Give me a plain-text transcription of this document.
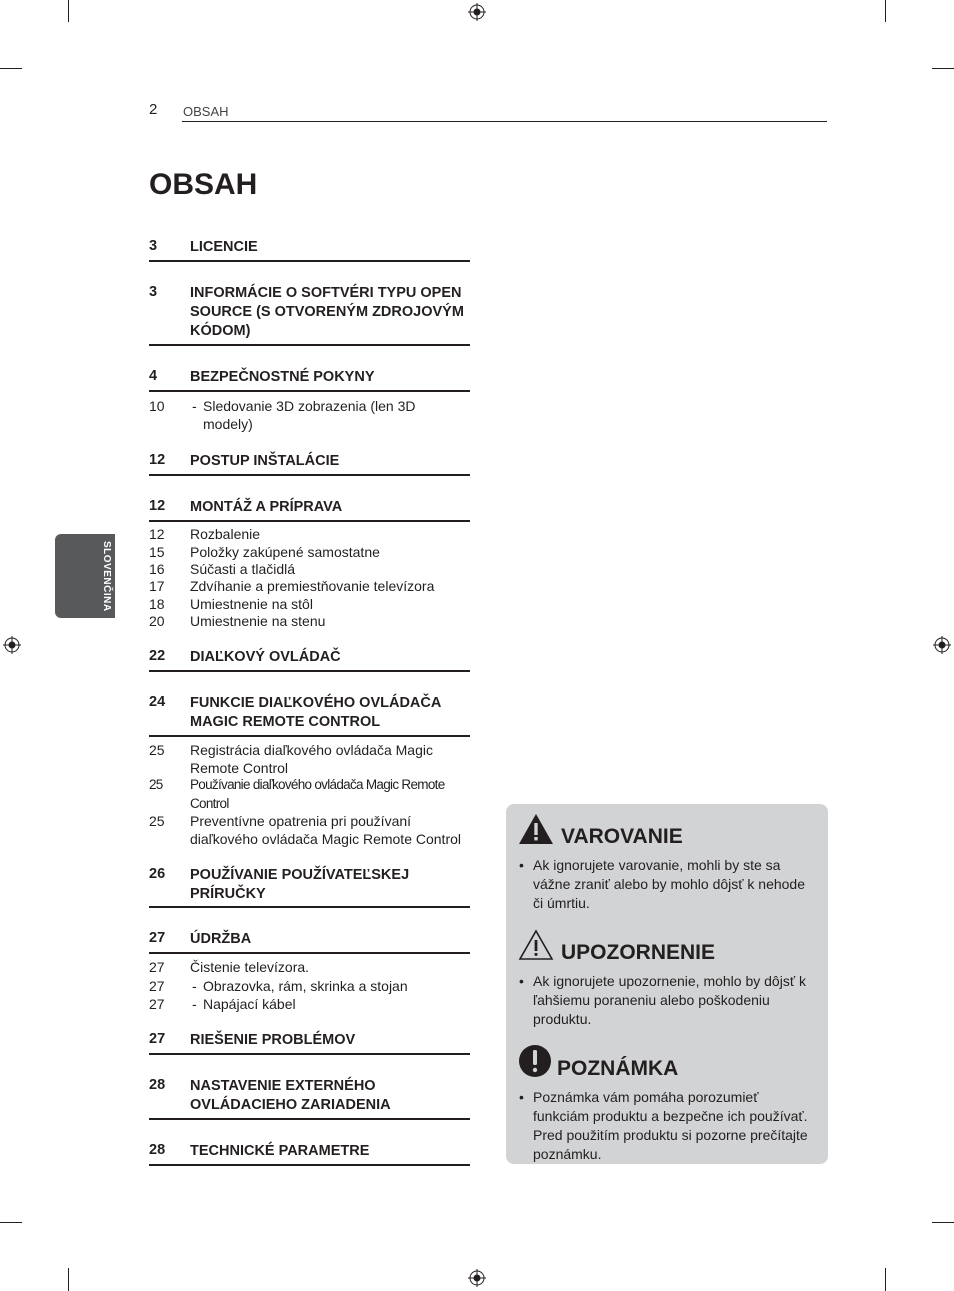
2 OBSAH
OBSAH
SLOVENČINA
3 LICENCIE
3 INFORMÁCIE O SOFTVÉRI TYPU OPEN SOURCE (S OTVORENÝM ZDROJOVÝM KÓDOM)
4 BEZPEČNOSTNÉ POKYNY
10 - Sledovanie 3D zobrazenia (len 3D modely)
12 POSTUP INŠTALÁCIE
12 MONTÁŽ A PRÍPRAVA
12 Rozbalenie
15 Položky zakúpené samostatne
16 Súčasti a tlačidlá
17 Zdvíhanie a premiestňovanie televízora
18 Umiestnenie na stôl
20 Umiestnenie na stenu
22 DIAĽKOVÝ OVLÁDAČ
24 FUNKCIE DIAĽKOVÉHO OVLÁDAČA MAGIC REMOTE CONTROL
25 Registrácia diaľkového ovládača Magic Remote Control
25 Používanie diaľkového ovládača Magic Remote Control
25 Preventívne opatrenia pri používaní diaľkového ovládača Magic Remote Control
26 POUŽÍVANIE POUŽÍVATEĽSKEJ PRÍRUČKY
27 ÚDRŽBA
27 Čistenie televízora.
27 - Obrazovka, rám, skrinka a stojan
27 - Napájací kábel
27 RIEŠENIE PROBLÉMOV
28 NASTAVENIE EXTERNÉHO OVLÁDACIEHO ZARIADENIA
28 TECHNICKÉ PARAMETRE
VAROVANIE
• Ak ignorujete varovanie, mohli by ste sa vážne zraniť alebo by mohlo dôjsť k nehode či úmrtiu.
UPOZORNENIE
• Ak ignorujete upozornenie, mohlo by dôjsť k ľahšiemu poraneniu alebo poškodeniu produktu.
POZNÁMKA
• Poznámka vám pomáha porozumieť funkciám produktu a bezpečne ich používať. Pred použitím produktu si pozorne prečítajte poznámku.
